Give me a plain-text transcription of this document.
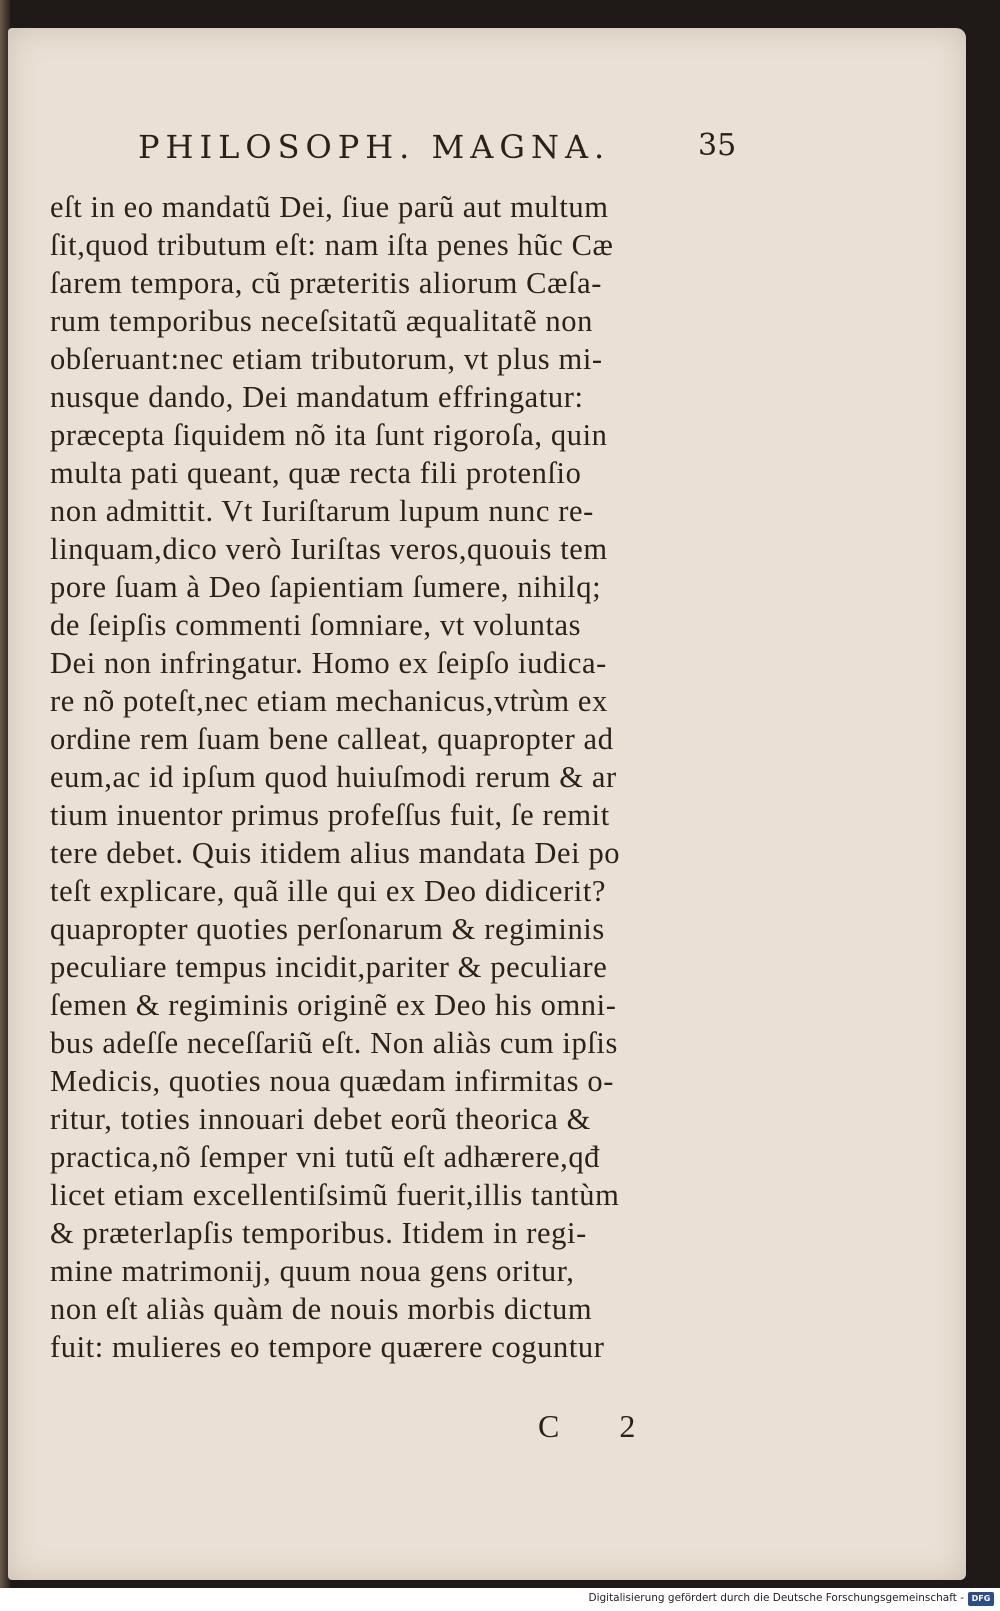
PHILOSOPH. MAGNA.	35
eſt in eo mandatũ Dei, ſiue parũ aut multum
ſit,quod tributum eſt: nam iſta penes hũc Cæ
ſarem tempora, cũ præteritis aliorum Cæſa-
rum temporibus neceſsitatũ æqualitatẽ non
obſeruant:nec etiam tributorum, vt plus mi-
nusque dando, Dei mandatum effringatur:
præcepta ſiquidem nõ ita ſunt rigoroſa, quin
multa pati queant, quæ recta fili protenſio
non admittit. Vt Iuriſtarum lupum nunc re-
linquam,dico verò Iuriſtas veros,quouis tem
pore ſuam à Deo ſapientiam ſumere, nihilq;
de ſeipſis commenti ſomniare, vt voluntas
Dei non infringatur. Homo ex ſeipſo iudica-
re nõ poteſt,nec etiam mechanicus,vtrùm ex
ordine rem ſuam bene calleat, quapropter ad
eum,ac id ipſum quod huiuſmodi rerum & ar
tium inuentor primus profeſſus fuit, ſe remit
tere debet. Quis itidem alius mandata Dei po
teſt explicare, quã ille qui ex Deo didicerit?
quapropter quoties perſonarum & regiminis
peculiare tempus incidit,pariter & peculiare
ſemen & regiminis originẽ ex Deo his omni-
bus adeſſe neceſſariũ eſt. Non aliàs cum ipſis
Medicis, quoties noua quædam infirmitas o-
ritur, toties innouari debet eorũ theorica &
practica,nõ ſemper vni tutũ eſt adhærere,qđ
licet etiam excellentiſsimũ fuerit,illis tantùm
& præterlapſis temporibus. Itidem in regi-
mine matrimonij, quum noua gens oritur,
non eſt aliàs quàm de nouis morbis dictum
fuit: mulieres eo tempore quærere coguntur
C 2
Digitalisierung gefördert durch die Deutsche Forschungsgemeinschaft - DFG
